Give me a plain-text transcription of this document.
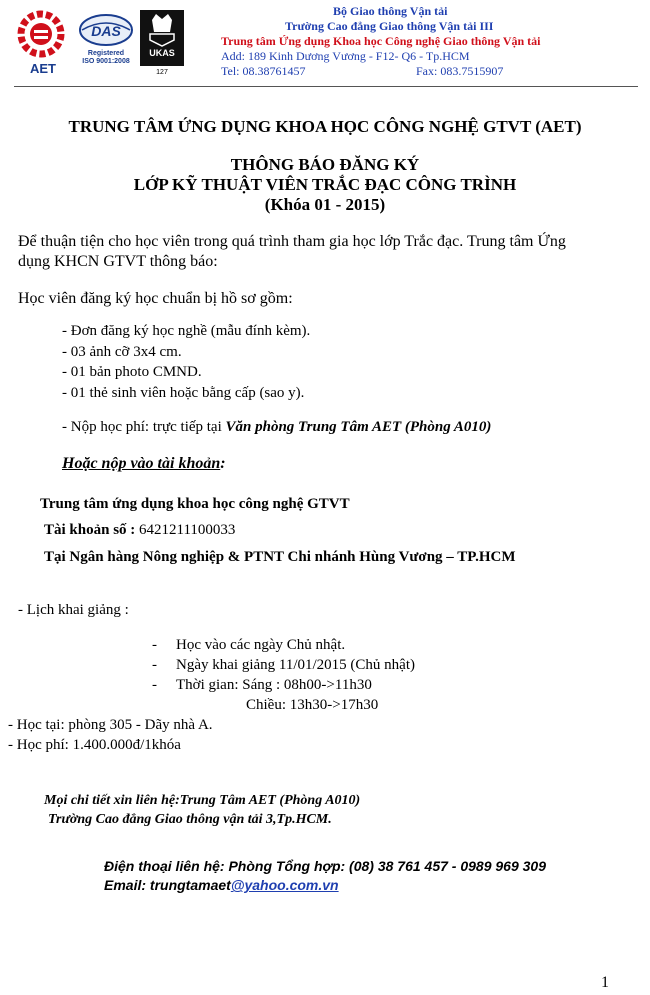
AET
DAS
Registered
ISO 9001:2008
UKAS
127
Bộ Giao thông Vận tải
Trường Cao đẳng Giao thông Vận tải III
Trung tâm Ứng dụng Khoa học Công nghệ Giao thông Vận tải
Add: 189 Kinh Dương Vương - F12- Q6 - Tp.HCM
Tel: 08.38761457	Fax: 083.7515907
TRUNG TÂM ỨNG DỤNG KHOA HỌC CÔNG NGHỆ GTVT (AET)
THÔNG BÁO ĐĂNG KÝ
LỚP KỸ THUẬT VIÊN TRẮC ĐẠC CÔNG TRÌNH
(Khóa 01 - 2015)
Để thuận tiện cho học viên trong quá trình tham gia học lớp Trắc đạc. Trung tâm Ứng
dụng KHCN GTVT thông báo:
Học viên đăng ký học chuẩn bị hồ sơ gồm:
- Đơn đăng ký học nghề (mẫu đính kèm).
- 03 ảnh cỡ 3x4 cm.
- 01 bản photo CMND.
- 01 thẻ sinh viên hoặc bằng cấp (sao y).
- Nộp học phí: trực tiếp tại Văn phòng Trung Tâm AET (Phòng A010)
Hoặc nộp vào tài khoản:
Trung tâm ứng dụng khoa học công nghệ GTVT
Tài khoản số : 6421211100033
Tại Ngân hàng Nông nghiệp & PTNT Chi nhánh Hùng Vương – TP.HCM
- Lịch khai giảng :
- Học vào các ngày Chủ nhật.
- Ngày khai giảng 11/01/2015 (Chủ nhật)
- Thời gian: Sáng : 08h00->11h30
Chiều: 13h30->17h30
- Học tại: phòng 305 - Dãy nhà A.
- Học phí: 1.400.000đ/1khóa
Mọi chi tiết xin liên hệ:Trung Tâm AET (Phòng A010)
Trường Cao đẳng Giao thông vận tải 3,Tp.HCM.
Điện thoại liên hệ: Phòng Tổng hợp: (08) 38 761 457 - 0989 969 309
Email: trungtamaet@yahoo.com.vn
1
